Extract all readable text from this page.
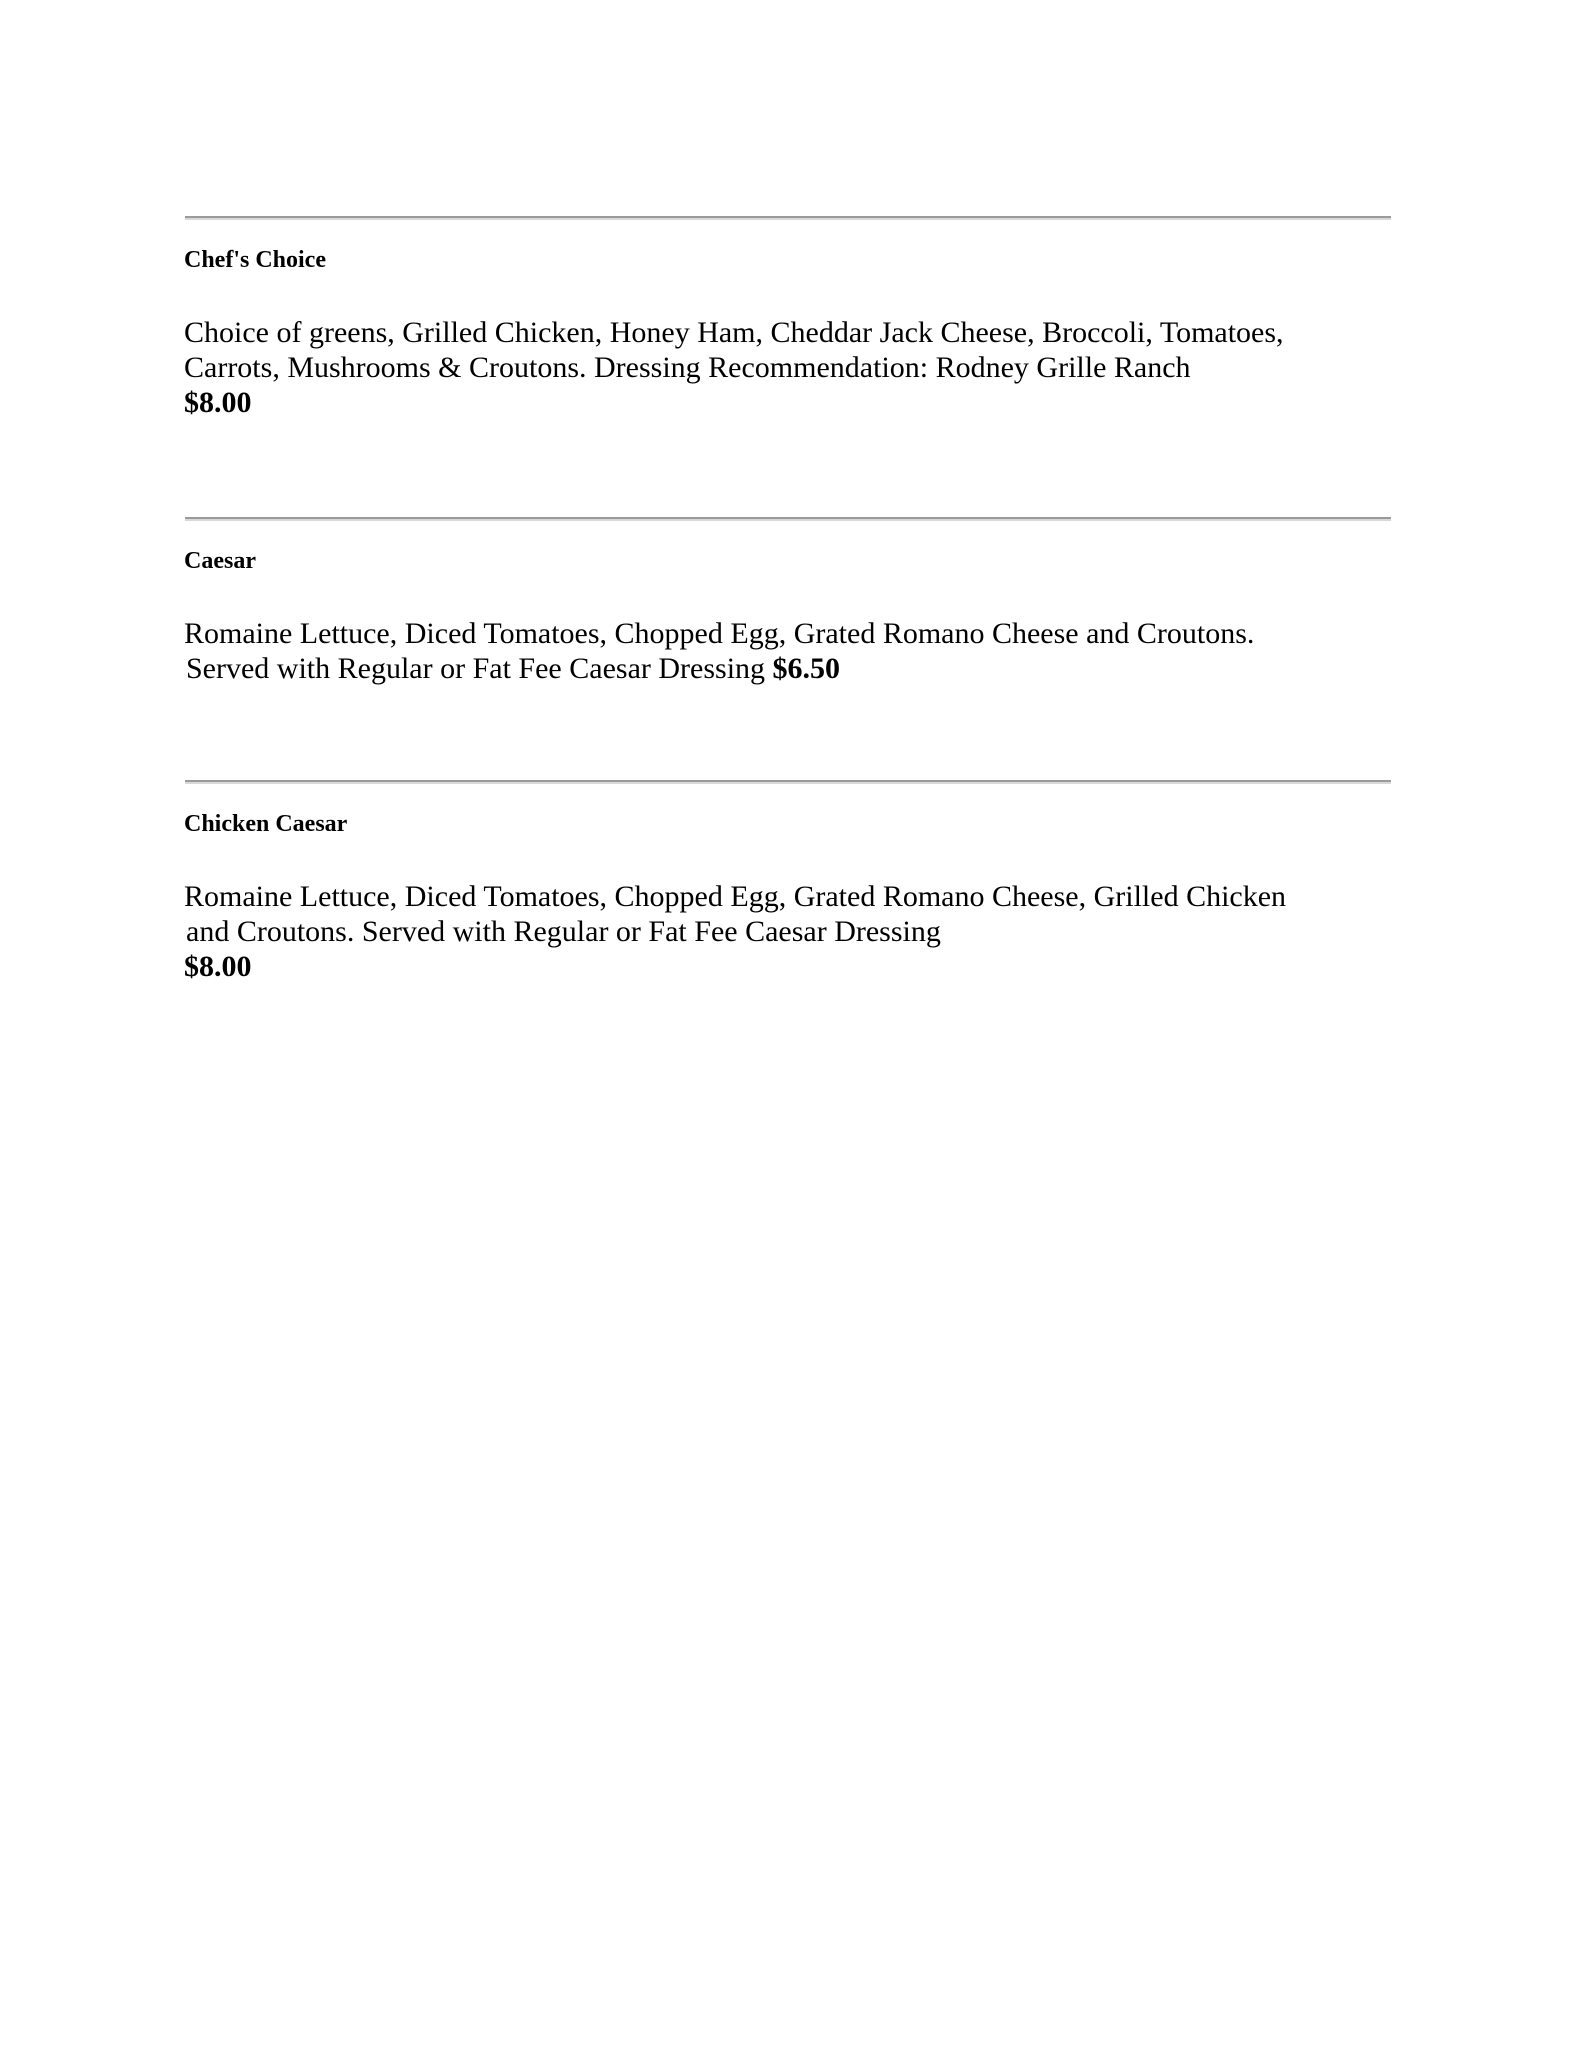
Chef's Choice
Choice of greens, Grilled Chicken, Honey Ham, Cheddar Jack Cheese, Broccoli, Tomatoes,
Carrots, Mushrooms & Croutons. Dressing Recommendation: Rodney Grille Ranch
$8.00
Caesar
Romaine Lettuce, Diced Tomatoes, Chopped Egg, Grated Romano Cheese and Croutons.
Served with Regular or Fat Fee Caesar Dressing $6.50
Chicken Caesar
Romaine Lettuce, Diced Tomatoes, Chopped Egg, Grated Romano Cheese, Grilled Chicken
and Croutons. Served with Regular or Fat Fee Caesar Dressing
$8.00
